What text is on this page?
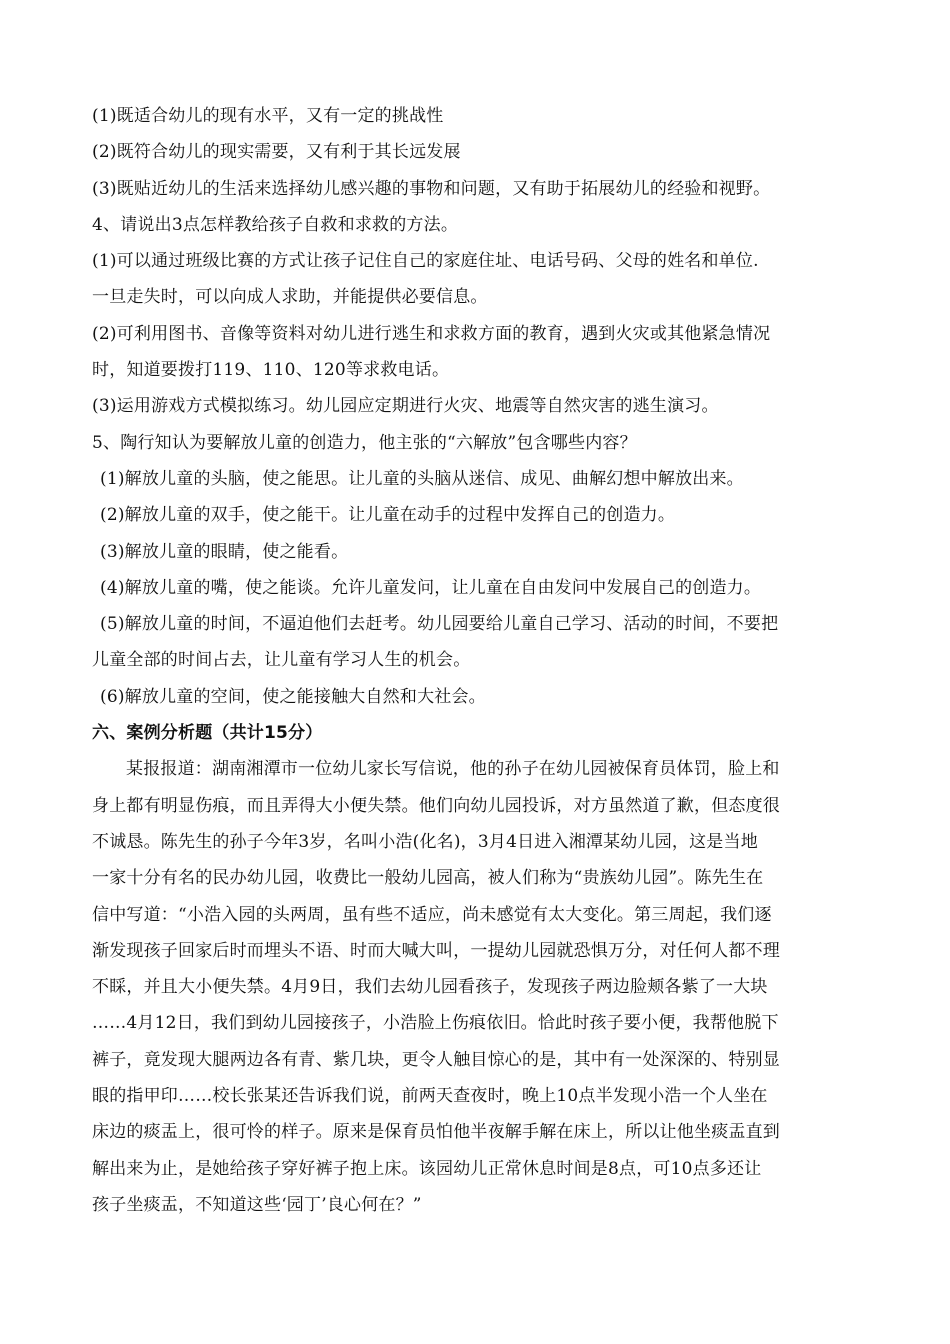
(1)既适合幼儿的现有水平，又有一定的挑战性
(2)既符合幼儿的现实需要，又有利于其长远发展
(3)既贴近幼儿的生活来选择幼儿感兴趣的事物和问题，又有助于拓展幼儿的经验和视野。
4、请说出3点怎样教给孩子自救和求救的方法。
(1)可以通过班级比赛的方式让孩子记住自己的家庭住址、电话号码、父母的姓名和单位.
一旦走失时，可以向成人求助，并能提供必要信息。
(2)可利用图书、音像等资料对幼儿进行逃生和求救方面的教育，遇到火灾或其他紧急情况
时，知道要拨打119、110、120等求救电话。
(3)运用游戏方式模拟练习。幼儿园应定期进行火灾、地震等自然灾害的逃生演习。
5、陶行知认为要解放儿童的创造力，他主张的“六解放”包含哪些内容？
(1)解放儿童的头脑，使之能思。让儿童的头脑从迷信、成见、曲解幻想中解放出来。
(2)解放儿童的双手，使之能干。让儿童在动手的过程中发挥自己的创造力。
(3)解放儿童的眼睛，使之能看。
(4)解放儿童的嘴，使之能谈。允许儿童发问，让儿童在自由发问中发展自己的创造力。
(5)解放儿童的时间，不逼迫他们去赶考。幼儿园要给儿童自己学习、活动的时间，不要把
儿童全部的时间占去，让儿童有学习人生的机会。
(6)解放儿童的空间，使之能接触大自然和大社会。
六、案例分析题（共计15分）
某报报道：湖南湘潭市一位幼儿家长写信说，他的孙子在幼儿园被保育员体罚，脸上和
身上都有明显伤痕，而且弄得大小便失禁。他们向幼儿园投诉，对方虽然道了歉，但态度很
不诚恳。陈先生的孙子今年3岁，名叫小浩(化名)，3月4日进入湘潭某幼儿园，这是当地
一家十分有名的民办幼儿园，收费比一般幼儿园高，被人们称为“贵族幼儿园”。陈先生在
信中写道：“小浩入园的头两周，虽有些不适应，尚未感觉有太大变化。第三周起，我们逐
渐发现孩子回家后时而埋头不语、时而大喊大叫，一提幼儿园就恐惧万分，对任何人都不理
不睬，并且大小便失禁。4月9日，我们去幼儿园看孩子，发现孩子两边脸颊各紫了一大块
……4月12日，我们到幼儿园接孩子，小浩脸上伤痕依旧。恰此时孩子要小便，我帮他脱下
裤子，竟发现大腿两边各有青、紫几块，更令人触目惊心的是，其中有一处深深的、特别显
眼的指甲印……校长张某还告诉我们说，前两天查夜时，晚上10点半发现小浩一个人坐在
床边的痰盂上，很可怜的样子。原来是保育员怕他半夜解手解在床上，所以让他坐痰盂直到
解出来为止，是她给孩子穿好裤子抱上床。该园幼儿正常休息时间是8点，可10点多还让
孩子坐痰盂，不知道这些‘园丁’良心何在？”
